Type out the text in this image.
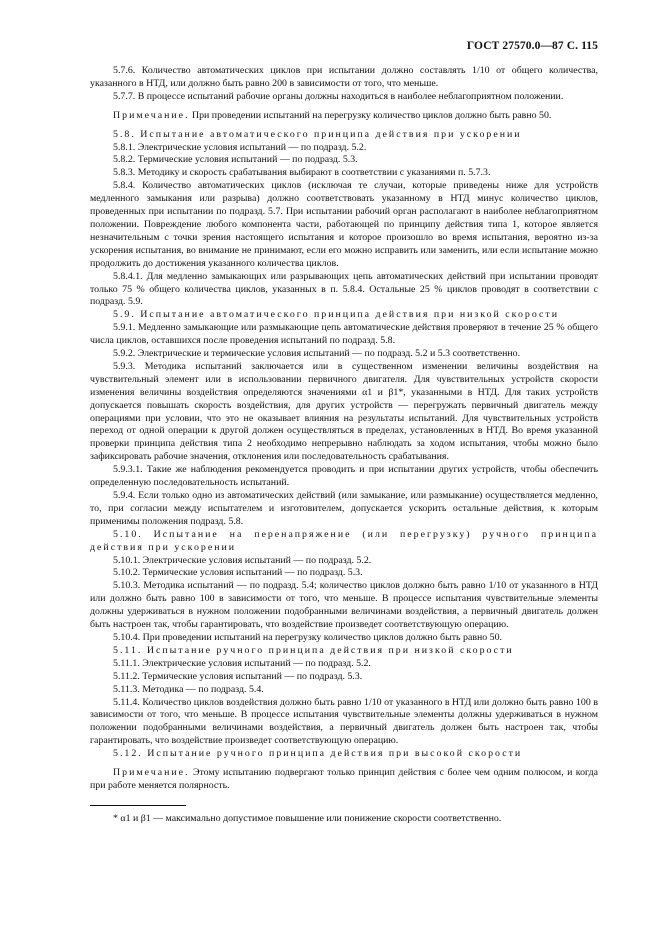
ГОСТ 27570.0—87 С. 115

5.7.6. Количество автоматических циклов при испытании должно составлять 1/10 от общего количества, указанного в НТД, или должно быть равно 200 в зависимости от того, что меньше.

5.7.7. В процессе испытаний рабочие органы должны находиться в наиболее неблагоприятном положении.

Примечание. При проведении испытаний на перегрузку количество циклов должно быть равно 50.

5.8. Испытание автоматического принципа действия при ускорении

5.8.1. Электрические условия испытаний — по подразд. 5.2.

5.8.2. Термические условия испытаний — по подразд. 5.3.

5.8.3. Методику и скорость срабатывания выбирают в соответствии с указаниями п. 5.7.3.

5.8.4. Количество автоматических циклов (исключая те случаи, которые приведены ниже для устройств медленного замыкания или разрыва) должно соответствовать указанному в НТД минус количество циклов, проведенных при испытании по подразд. 5.7. При испытании рабочий орган располагают в наиболее неблагоприятном положении. Повреждение любого компонента части, работающей по принципу действия типа 1, которое является незначительным с точки зрения настоящего испытания и которое произошло во время испытания, вероятно из-за ускорения испытания, во внимание не принимают, если его можно исправить или заменить, или если испытание можно продолжить до достижения указанного количества циклов.

5.8.4.1. Для медленно замыкающих или разрывающих цепь автоматических действий при испытании проводят только 75 % общего количества циклов, указанных в п. 5.8.4. Остальные 25 % циклов проводят в соответствии с подразд. 5.9.

5.9. Испытание автоматического принципа действия при низкой скорости

5.9.1. Медленно замыкающие или размыкающие цепь автоматические действия проверяют в течение 25 % общего числа циклов, оставшихся после проведения испытаний по подразд. 5.8.

5.9.2. Электрические и термические условия испытаний — по подразд. 5.2 и 5.3 соответственно.

5.9.3. Методика испытаний заключается или в существенном изменении величины воздействия на чувствительный элемент или в использовании первичного двигателя. Для чувствительных устройств скорости изменения величины воздействия определяются значениями α1 и β1*, указанными в НТД. Для таких устройств допускается повышать скорость воздействия, для других устройств — перегружать первичный двигатель между операциями при условии, что это не оказывает влияния на результаты испытаний. Для чувствительных устройств переход от одной операции к другой должен осуществляться в пределах, установленных в НТД. Во время указанной проверки принципа действия типа 2 необходимо непрерывно наблюдать за ходом испытания, чтобы можно было зафиксировать рабочие значения, отклонения или последовательность срабатывания.

5.9.3.1. Такие же наблюдения рекомендуется проводить и при испытании других устройств, чтобы обеспечить определенную последовательность испытаний.

5.9.4. Если только одно из автоматических действий (или замыкание, или размыкание) осуществляется медленно, то, при согласии между испытателем и изготовителем, допускается ускорить остальные действия, к которым применимы положения подразд. 5.8.

5.10. Испытание на перенапряжение (или перегрузку) ручного принципа действия при ускорении

5.10.1. Электрические условия испытаний — по подразд. 5.2.

5.10.2. Термические условия испытаний — по подразд. 5.3.

5.10.3. Методика испытаний — по подразд. 5.4; количество циклов должно быть равно 1/10 от указанного в НТД или должно быть равно 100 в зависимости от того, что меньше. В процессе испытания чувствительные элементы должны удерживаться в нужном положении подобранными величинами воздействия, а первичный двигатель должен быть настроен так, чтобы гарантировать, что воздействие произведет соответствующую операцию.

5.10.4. При проведении испытаний на перегрузку количество циклов должно быть равно 50.

5.11. Испытание ручного принципа действия при низкой скорости

5.11.1. Электрические условия испытаний — по подразд. 5.2.

5.11.2. Термические условия испытаний — по подразд. 5.3.

5.11.3. Методика — по подразд. 5.4.

5.11.4. Количество циклов воздействия должно быть равно 1/10 от указанного в НТД или должно быть равно 100 в зависимости от того, что меньше. В процессе испытания чувствительные элементы должны удерживаться в нужном положении подобранными величинами воздействия, а первичный двигатель должен быть настроен так, чтобы гарантировать, что воздействие произведет соответствующую операцию.

5.12. Испытание ручного принципа действия при высокой скорости

Примечание. Этому испытанию подвергают только принцип действия с более чем одним полюсом, и когда при работе меняется полярность.

* α1 и β1 — максимально допустимое повышение или понижение скорости соответственно.
